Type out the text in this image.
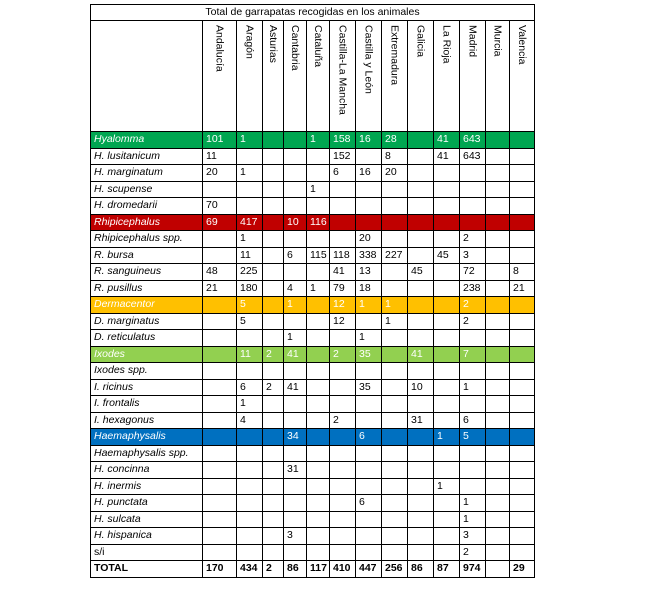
Total de garrapatas recogidas en los animales													

	Andalucía	Aragón	Asturias	Cantabria	Cataluña	Castilla-La Mancha	Castilla y León	Extremadura	Galicia	La Rioja	Madrid	Murcia	Valencia

Hyalomma	101	1			1	158	16	28		41	643		
H. lusitanicum	11					152		8		41	643		
H. marginatum	20	1				6	16	20					
H. scupense					1								
H. dromedarii	70												
Rhipicephalus	69	417		10	116								
Rhipicephalus spp.		1					20				2		
R. bursa		11		6	115	118	338	227		45	3		
R. sanguineus	48	225				41	13		45		72		8
R. pusillus	21	180		4	1	79	18				238		21
Dermacentor		5		1		12	1	1			2		
D. marginatus		5				12		1			2		
D. reticulatus				1			1						
Ixodes		11	2	41		2	35		41		7		
Ixodes spp.													
I. ricinus		6	2	41			35		10		1		
I. frontalis		1											
I. hexagonus		4				2			31		6		
Haemaphysalis				34			6			1	5		
Haemaphysalis spp.													
H. concinna				31									
H. inermis										1			
H. punctata							6				1		
H. sulcata											1		
H. hispanica				3							3		
s/i											2		
TOTAL	170	434	2	86	117	410	447	256	86	87	974		29
